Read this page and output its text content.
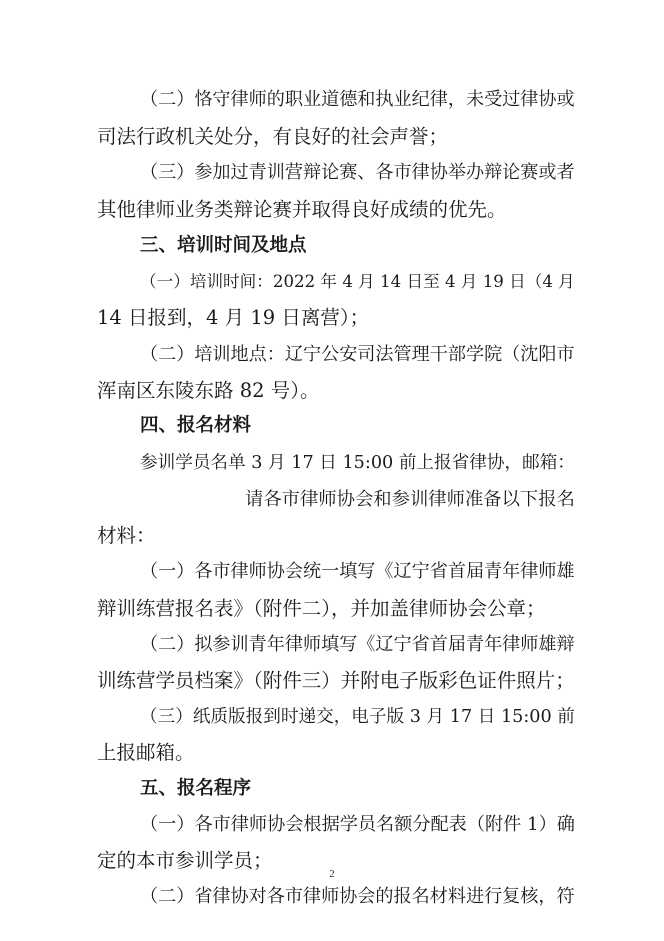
（二）恪守律师的职业道德和执业纪律，未受过律协或
司法行政机关处分，有良好的社会声誉；
（三）参加过青训营辩论赛、各市律协举办辩论赛或者
其他律师业务类辩论赛并取得良好成绩的优先。
三、培训时间及地点
（一）培训时间：2022 年 4 月 14 日至 4 月 19 日（4 月
14 日报到，4 月 19 日离营）；
（二）培训地点：辽宁公安司法管理干部学院（沈阳市
浑南区东陵东路 82 号）。
四、报名材料
参训学员名单 3 月 17 日 15:00 前上报省律协，邮箱：
请各市律师协会和参训律师准备以下报名
材料：
（一）各市律师协会统一填写《辽宁省首届青年律师雄
辩训练营报名表》（附件二），并加盖律师协会公章；
（二）拟参训青年律师填写《辽宁省首届青年律师雄辩
训练营学员档案》（附件三）并附电子版彩色证件照片；
（三）纸质版报到时递交，电子版 3 月 17 日 15:00 前
上报邮箱。
五、报名程序
（一）各市律师协会根据学员名额分配表（附件 1）确
定的本市参训学员；
（二）省律协对各市律师协会的报名材料进行复核，符
2
